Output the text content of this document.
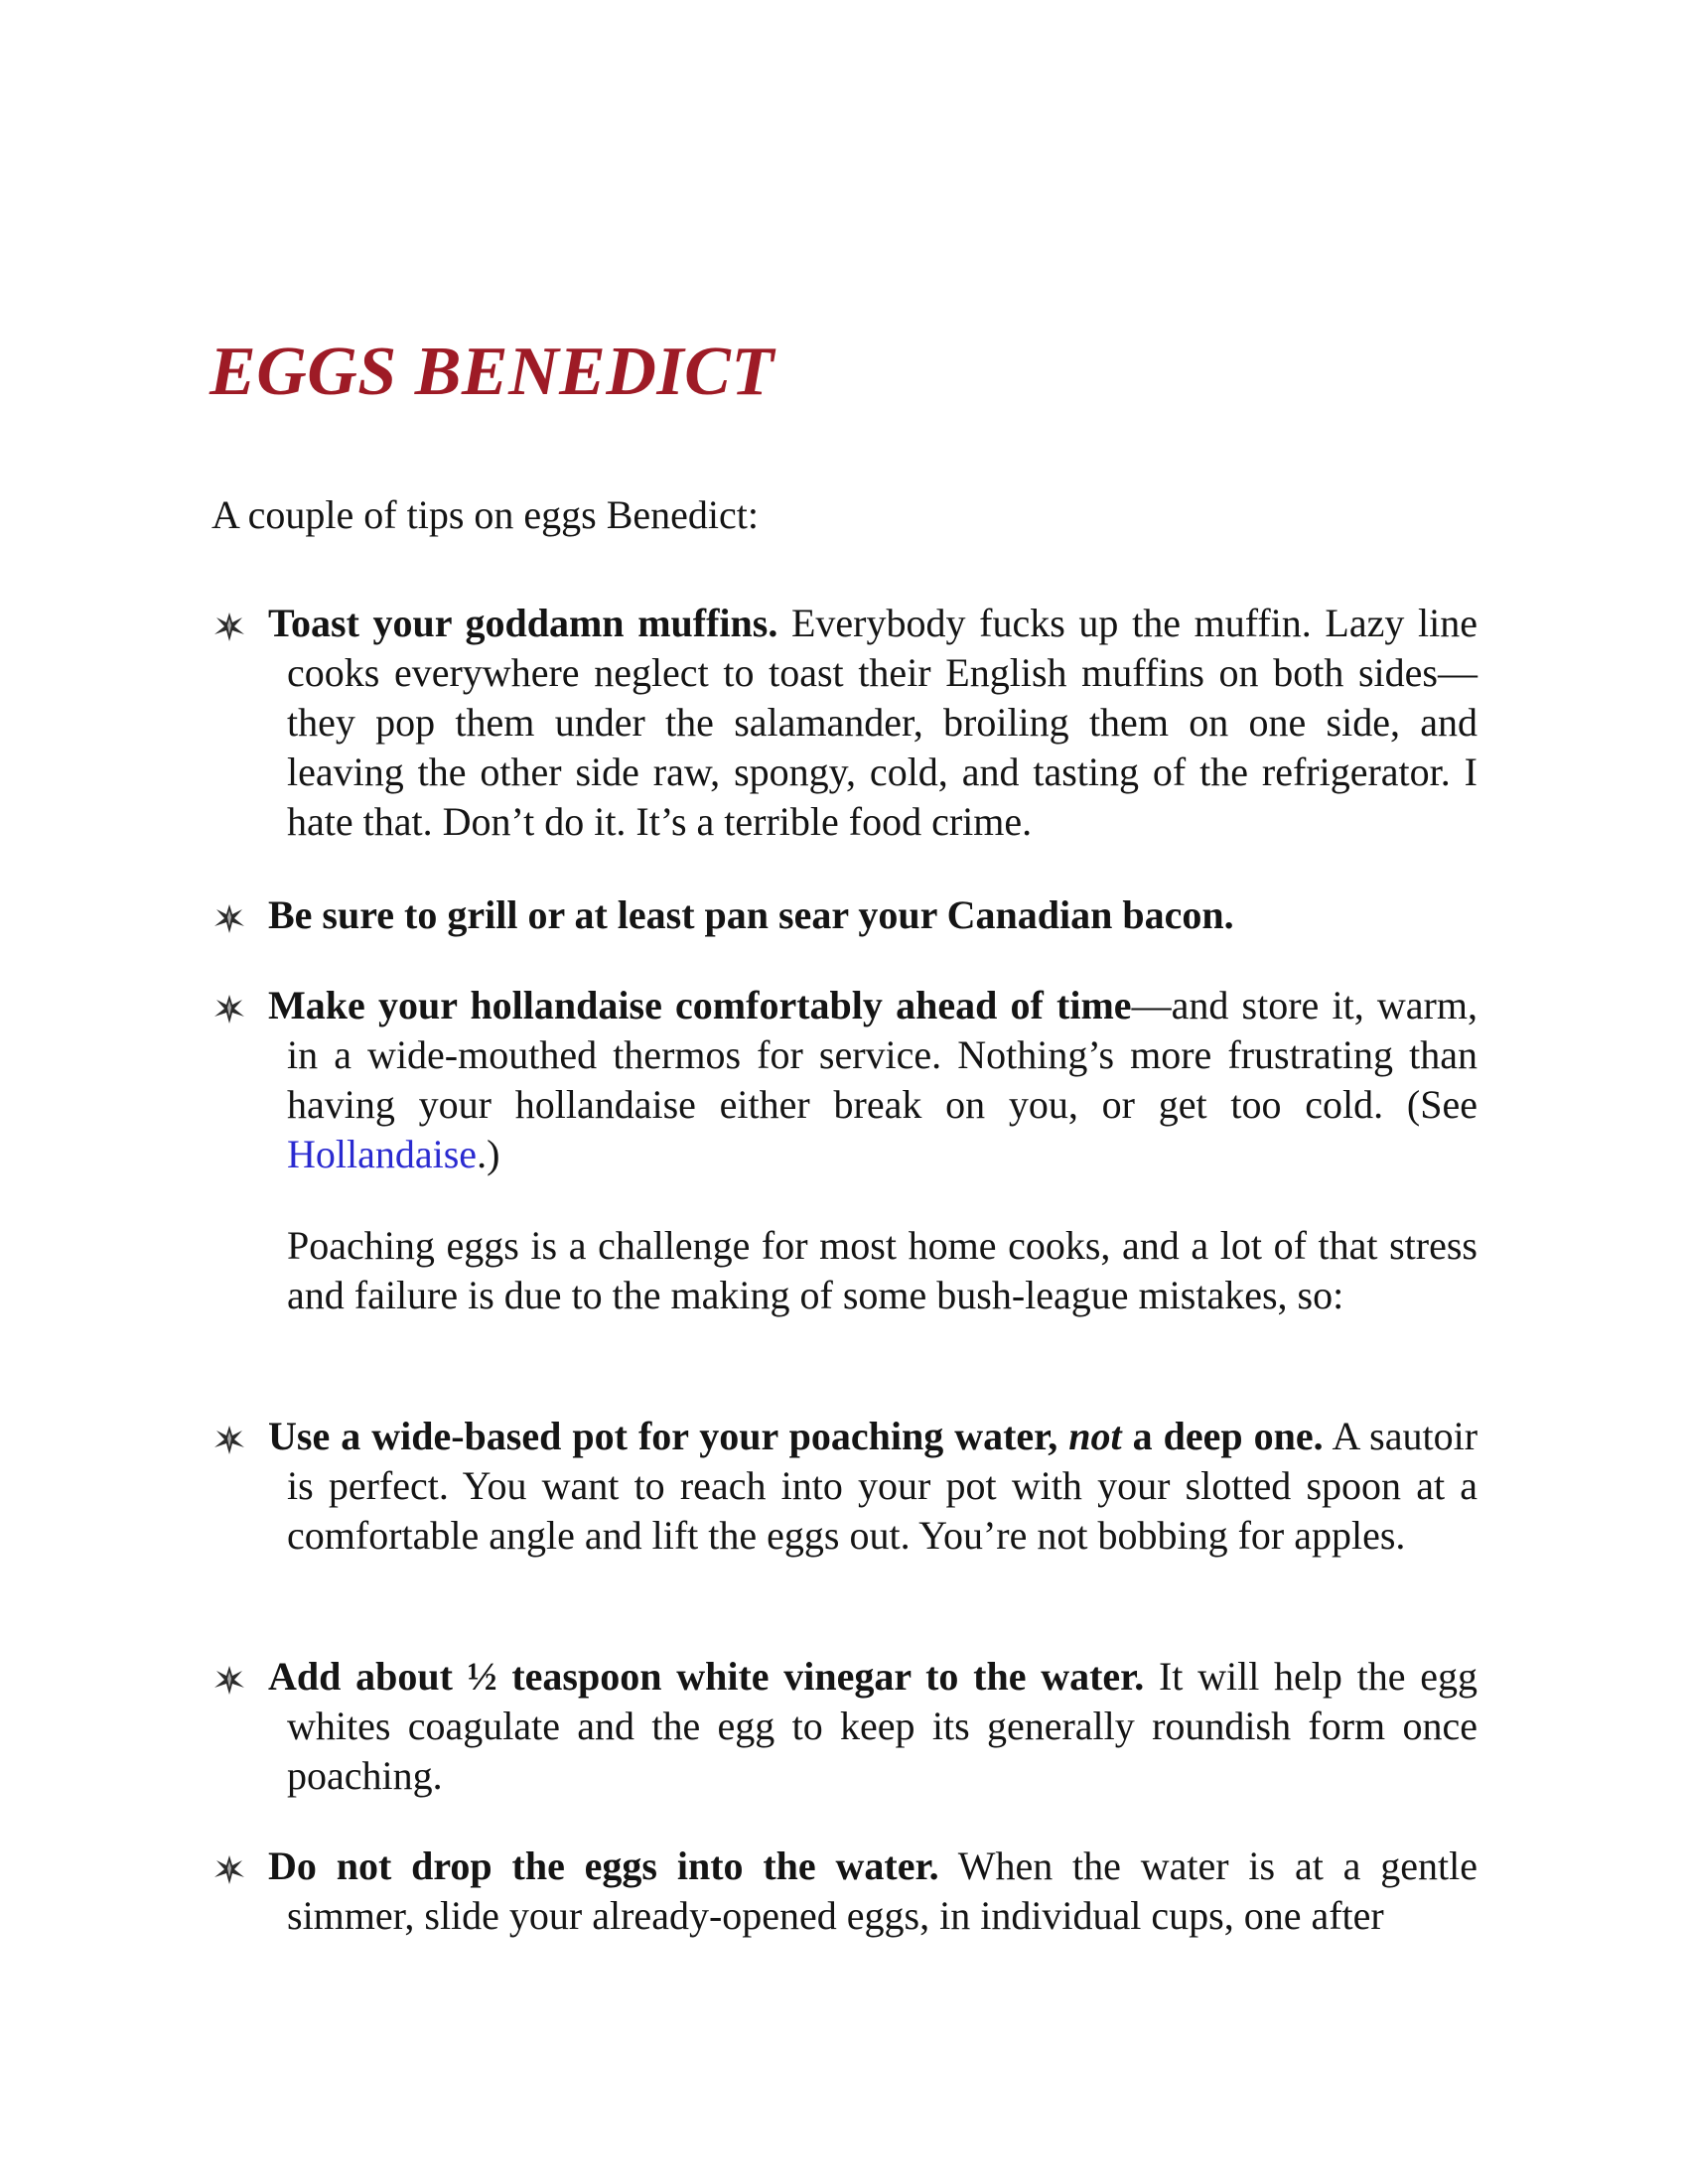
EGGS BENEDICT

A couple of tips on eggs Benedict:

Toast your goddamn muffins. Everybody fucks up the muffin. Lazy line cooks everywhere neglect to toast their English muffins on both sides—they pop them under the salamander, broiling them on one side, and leaving the other side raw, spongy, cold, and tasting of the refrigerator. I hate that. Don’t do it. It’s a terrible food crime.

Be sure to grill or at least pan sear your Canadian bacon.

Make your hollandaise comfortably ahead of time—and store it, warm, in a wide-mouthed thermos for service. Nothing’s more frustrating than having your hollandaise either break on you, or get too cold. (See Hollandaise.)

Poaching eggs is a challenge for most home cooks, and a lot of that stress and failure is due to the making of some bush-league mistakes, so:

Use a wide-based pot for your poaching water, not a deep one. A sautoir is perfect. You want to reach into your pot with your slotted spoon at a comfortable angle and lift the eggs out. You’re not bobbing for apples.

Add about ½ teaspoon white vinegar to the water. It will help the egg whites coagulate and the egg to keep its generally roundish form once poaching.

Do not drop the eggs into the water. When the water is at a gentle simmer, slide your already-opened eggs, in individual cups, one after
